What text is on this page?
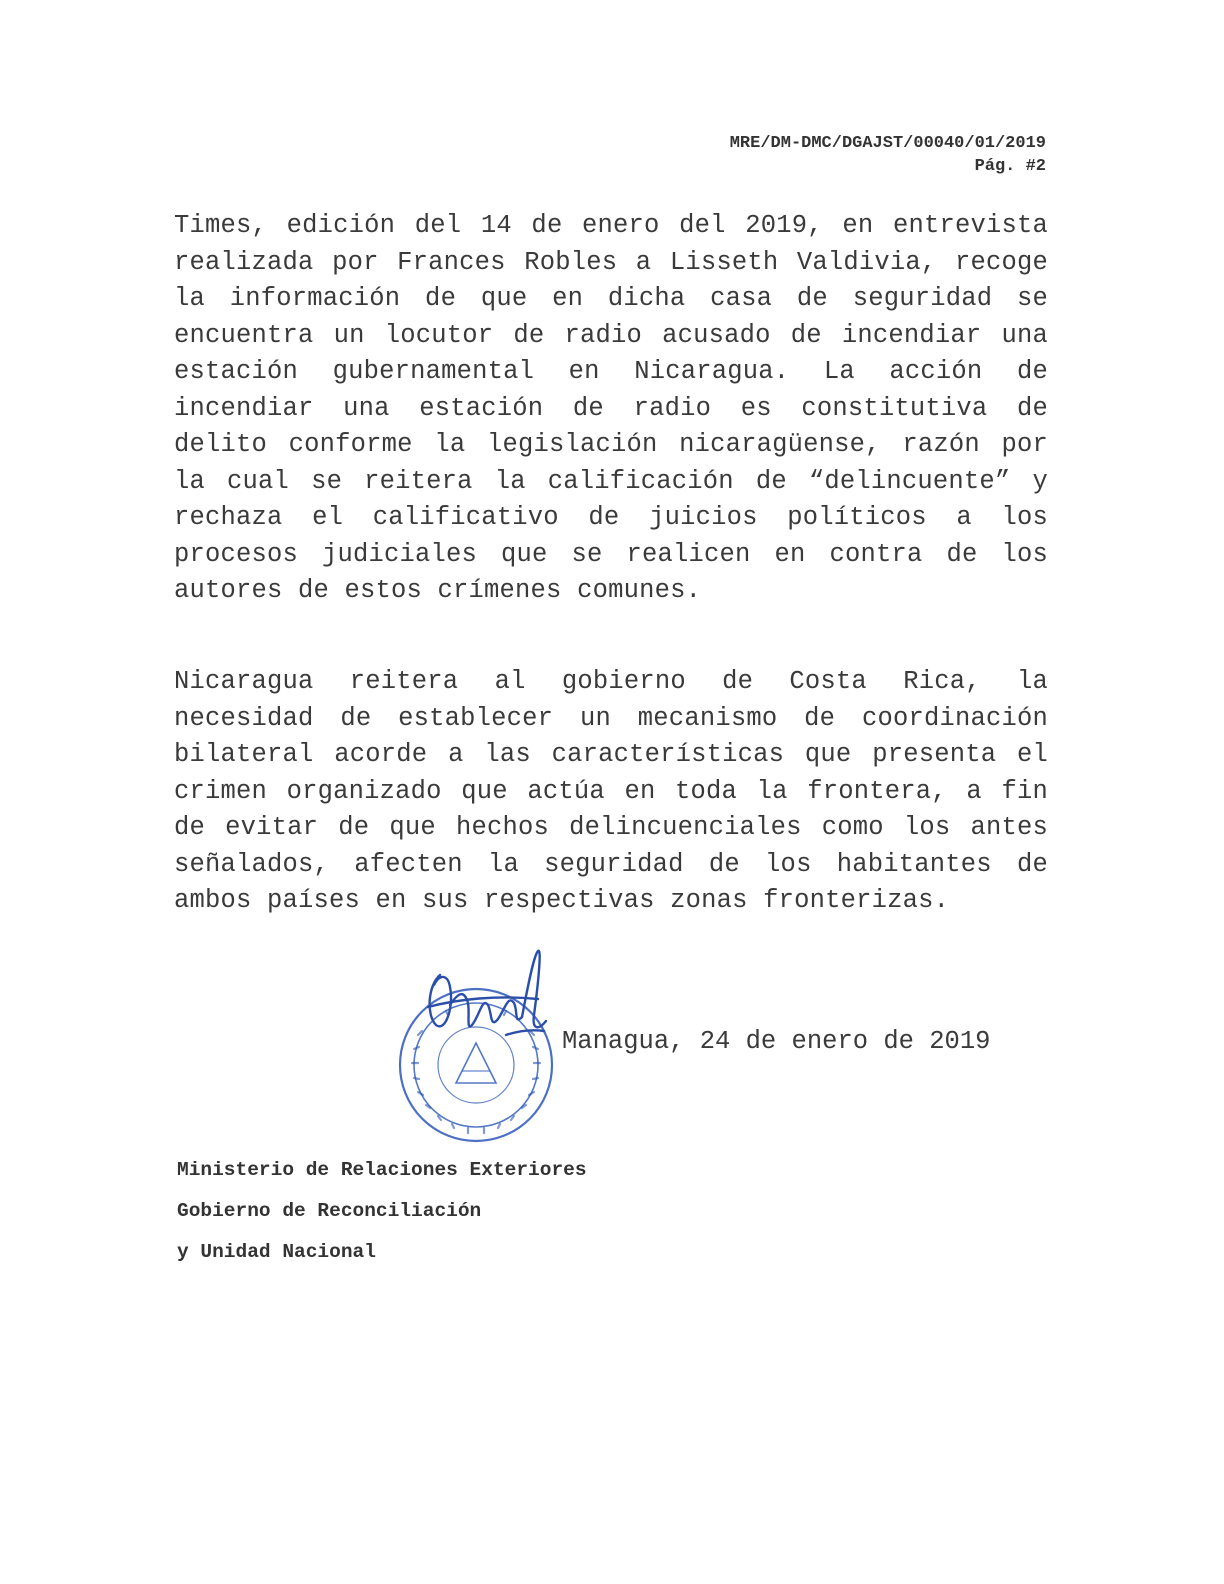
MRE/DM-DMC/DGAJST/00040/01/2019
Pág. #2
Times, edición del 14 de enero del 2019, en entrevista realizada por Frances Robles a Lisseth Valdivia, recoge la información de que en dicha casa de seguridad se encuentra un locutor de radio acusado de incendiar una estación gubernamental en Nicaragua. La acción de incendiar una estación de radio es constitutiva de delito conforme la legislación nicaragüense, razón por la cual se reitera la calificación de “delincuente” y rechaza el calificativo de juicios políticos a los procesos judiciales que se realicen en contra de los autores de estos crímenes comunes.
Nicaragua reitera al gobierno de Costa Rica, la necesidad de establecer un mecanismo de coordinación bilateral acorde a las características que presenta el crimen organizado que actúa en toda la frontera, a fin de evitar de que hechos delincuenciales como los antes señalados, afecten la seguridad de los habitantes de ambos países en sus respectivas zonas fronterizas.
Managua, 24 de enero de 2019
Ministerio de Relaciones Exteriores
Gobierno de Reconciliación
y Unidad Nacional
